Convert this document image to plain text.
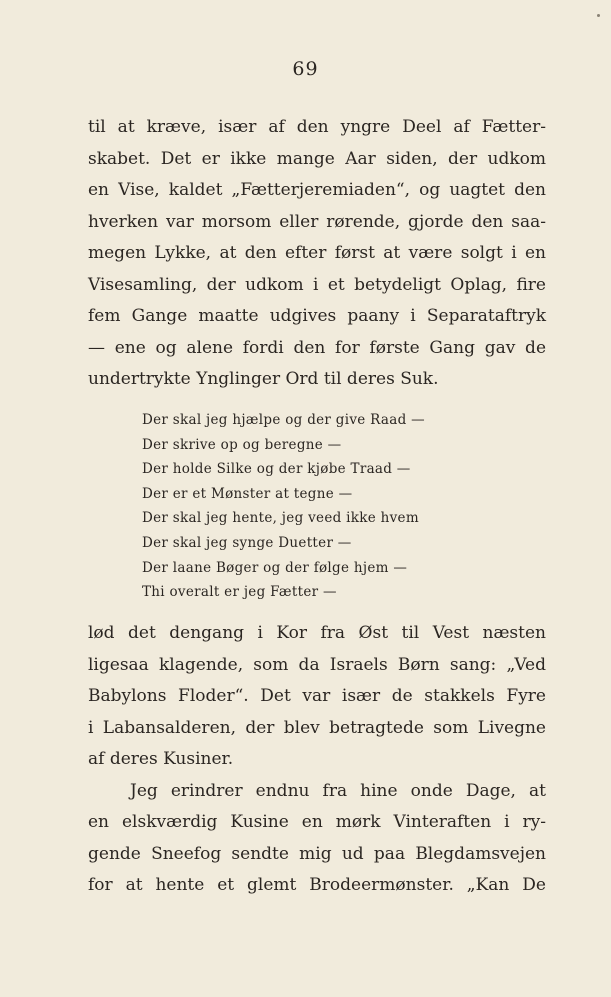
69
til at kræve, især af den yngre Deel af Fætter-
skabet. Det er ikke mange Aar siden, der udkom
en Vise, kaldet „Fætterjeremiaden“, og uagtet den
hverken var morsom eller rørende, gjorde den saa-
megen Lykke, at den efter først at være solgt i en
Visesamling, der udkom i et betydeligt Oplag, fire
fem Gange maatte udgives paany i Separataftryk
— ene og alene fordi den for første Gang gav de
undertrykte Ynglinger Ord til deres Suk.
Der skal jeg hjælpe og der give Raad —
Der skrive op og beregne —
Der holde Silke og der kjøbe Traad —
Der er et Mønster at tegne —
Der skal jeg hente, jeg veed ikke hvem
Der skal jeg synge Duetter —
Der laane Bøger og der følge hjem —
Thi overalt er jeg Fætter —
lød det dengang i Kor fra Øst til Vest næsten
ligesaa klagende, som da Israels Børn sang: „Ved
Babylons Floder“. Det var især de stakkels Fyre
i Labansalderen, der blev betragtede som Livegne
af deres Kusiner.
Jeg erindrer endnu fra hine onde Dage, at
en elskværdig Kusine en mørk Vinteraften i ry-
gende Sneefog sendte mig ud paa Blegdamsvejen
for at hente et glemt Brodeermønster. „Kan De
